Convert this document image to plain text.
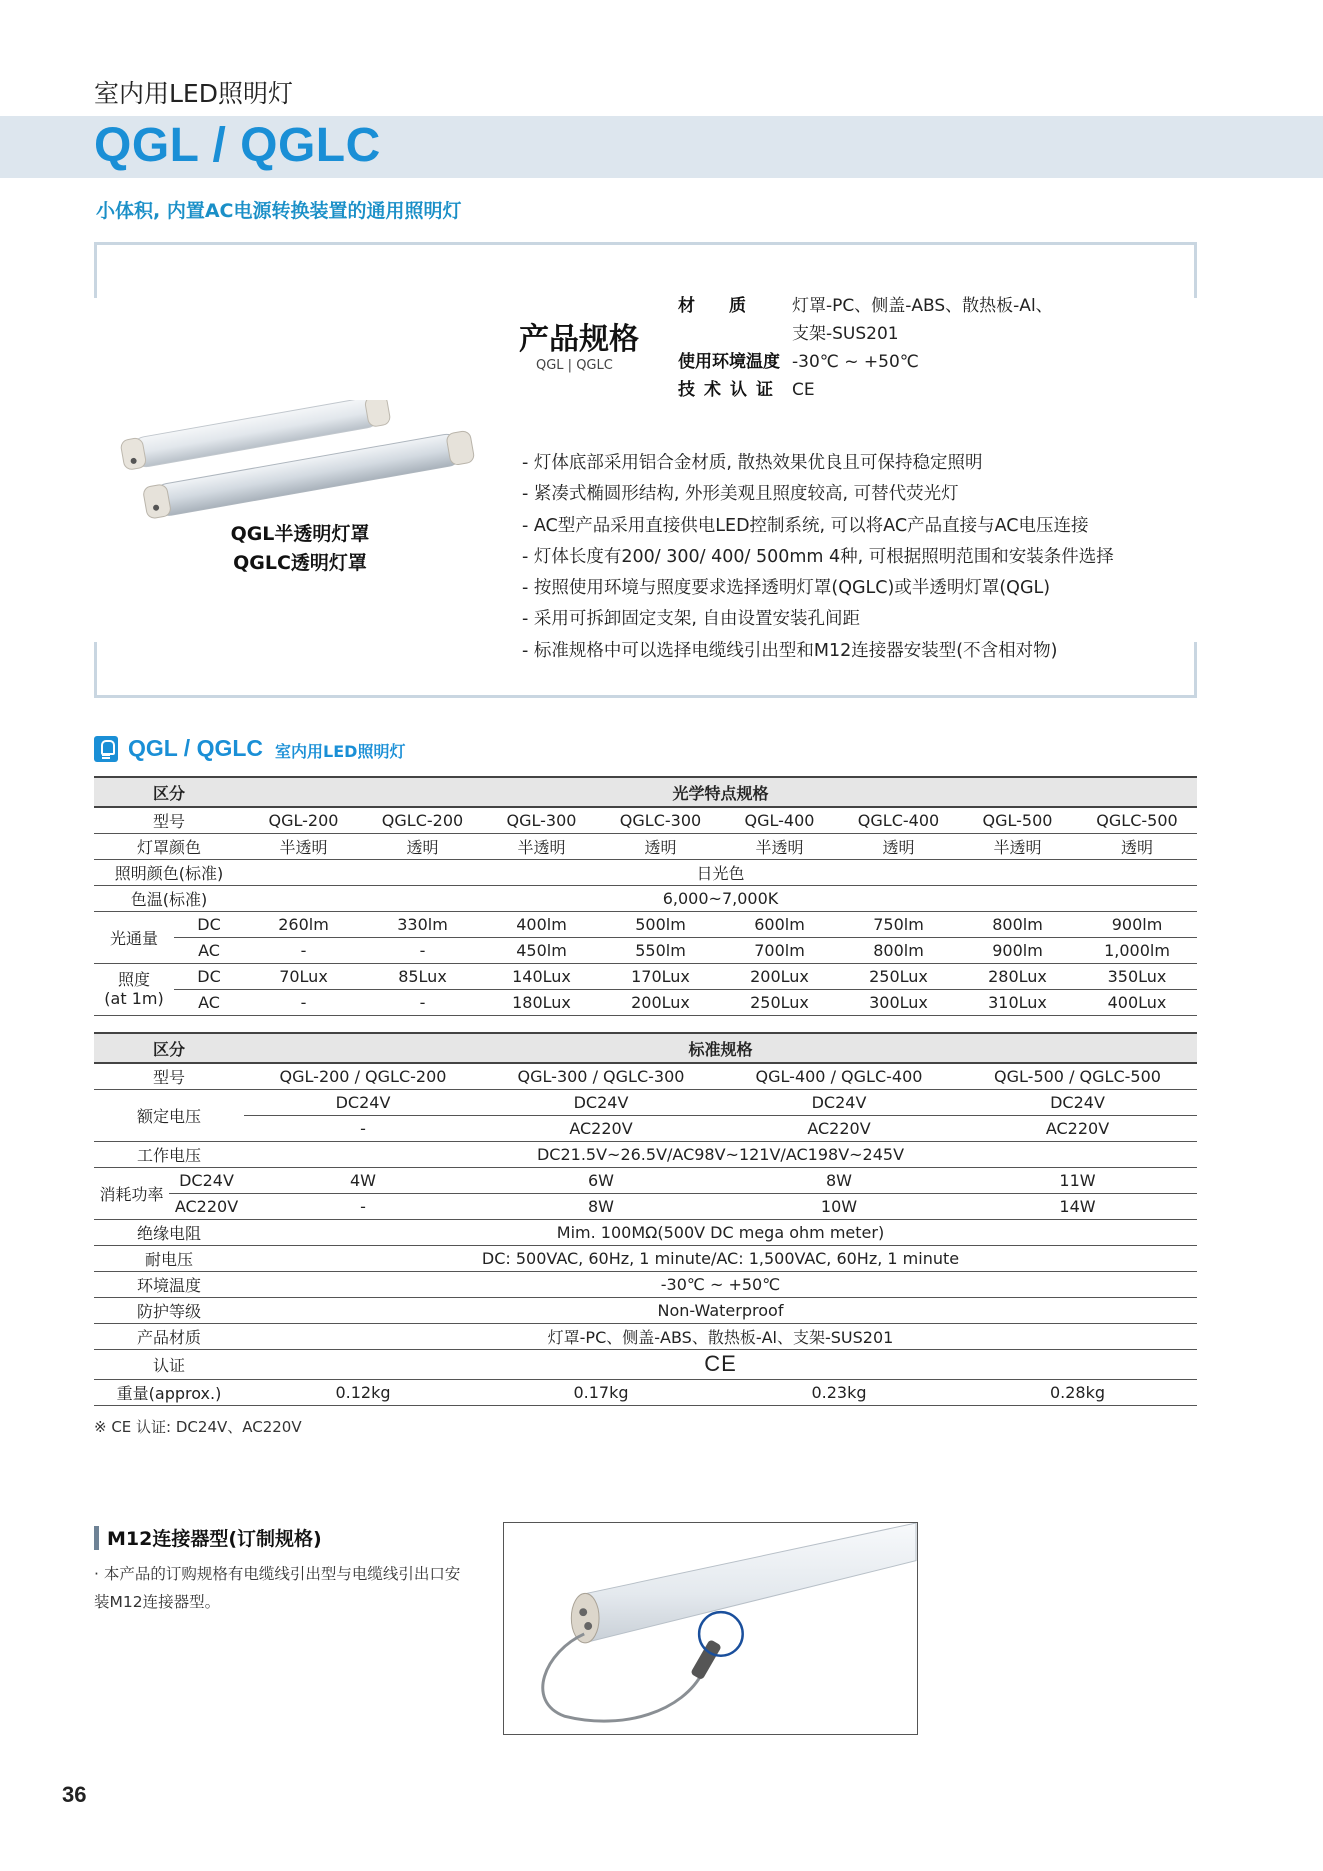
室内用LED照明灯
QGL / QGLC
小体积, 内置AC电源转换装置的通用照明灯
QGL半透明灯罩
QGLC透明灯罩
产品规格
QGL | QGLC
材　　质	灯罩-PC、侧盖-ABS、散热板-Al、
支架-SUS201
使用环境温度 -30℃ ~ +50℃
技术认证 CE
- 灯体底部采用铝合金材质, 散热效果优良且可保持稳定照明
- 紧凑式椭圆形结构, 外形美观且照度较高, 可替代荧光灯
- AC型产品采用直接供电LED控制系统, 可以将AC产品直接与AC电压连接
- 灯体长度有200/ 300/ 400/ 500mm 4种, 可根据照明范围和安装条件选择
- 按照使用环境与照度要求选择透明灯罩(QGLC)或半透明灯罩(QGL)
- 采用可拆卸固定支架, 自由设置安装孔间距
- 标准规格中可以选择电缆线引出型和M12连接器安装型(不含相对物)
QGL / QGLC 室内用LED照明灯
区分		光学特点规格							
型号		QGL-200	QGLC-200	QGL-300	QGLC-300	QGL-400	QGLC-400	QGL-500	QGLC-500
灯罩颜色		半透明	透明	半透明	透明	半透明	透明	半透明	透明
照明颜色(标准)		日光色							
色温(标准)		6,000~7,000K							
光通量	DC	260lm	330lm	400lm	500lm	600lm	750lm	800lm	900lm
	AC	-	-	450lm	550lm	700lm	800lm	900lm	1,000lm

照度
(at 1m)	DC	70Lux	85Lux	140Lux	170Lux	200Lux	250Lux	280Lux	350Lux
	AC	-	-	180Lux	200Lux	250Lux	300Lux	310Lux	400Lux
区分		标准规格			
型号		QGL-200 / QGLC-200	QGL-300 / QGLC-300	QGL-400 / QGLC-400	QGL-500 / QGLC-500
额定电压		DC24V	DC24V	DC24V	DC24V
		-	AC220V	AC220V	AC220V
工作电压		DC21.5V~26.5V/AC98V~121V/AC198V~245V			
消耗功率	DC24V	4W	6W	8W	11W
	AC220V	-	8W	10W	14W
绝缘电阻		Mim. 100MΩ(500V DC mega ohm meter)			
耐电压		DC: 500VAC, 60Hz, 1 minute/AC: 1,500VAC, 60Hz, 1 minute			
环境温度		-30℃ ~ +50℃			
防护等级		Non-Waterproof			
产品材质		灯罩-PC、侧盖-ABS、散热板-Al、支架-SUS201			
认证		CE			
重量(approx.)		0.12kg	0.17kg	0.23kg	0.28kg
※ CE 认证: DC24V、AC220V
M12连接器型(订制规格)
· 本产品的订购规格有电缆线引出型与电缆线引出口安装M12连接器型。
36
